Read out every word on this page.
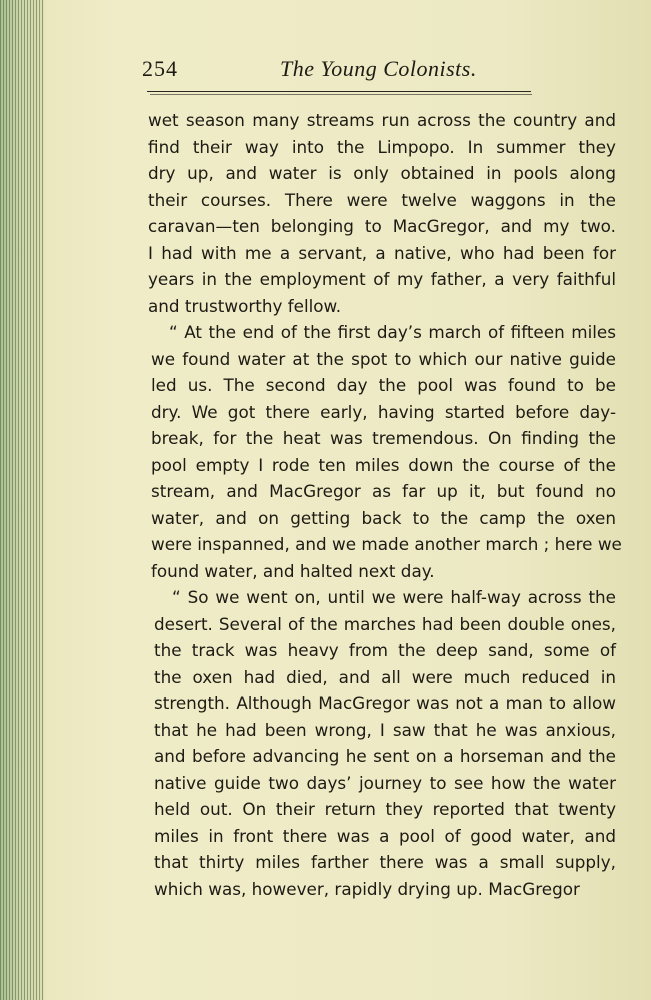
254	The Young Colonists.
wet season many streams run across the country and
find their way into the Limpopo. In summer they
dry up, and water is only obtained in pools along
their courses. There were twelve waggons in the
caravan—ten belonging to MacGregor, and my two.
I had with me a servant, a native, who had been for
years in the employment of my father, a very faithful
and trustworthy fellow.
“ At the end of the first day’s march of fifteen miles
we found water at the spot to which our native guide
led us. The second day the pool was found to be
dry. We got there early, having started before day-
break, for the heat was tremendous. On finding the
pool empty I rode ten miles down the course of the
stream, and MacGregor as far up it, but found no
water, and on getting back to the camp the oxen
were inspanned, and we made another march ; here we
found water, and halted next day.
“ So we went on, until we were half-way across the
desert. Several of the marches had been double ones,
the track was heavy from the deep sand, some of
the oxen had died, and all were much reduced in
strength. Although MacGregor was not a man to allow
that he had been wrong, I saw that he was anxious,
and before advancing he sent on a horseman and the
native guide two days’ journey to see how the water
held out. On their return they reported that twenty
miles in front there was a pool of good water, and
that thirty miles farther there was a small supply,
which was, however, rapidly drying up. MacGregor
